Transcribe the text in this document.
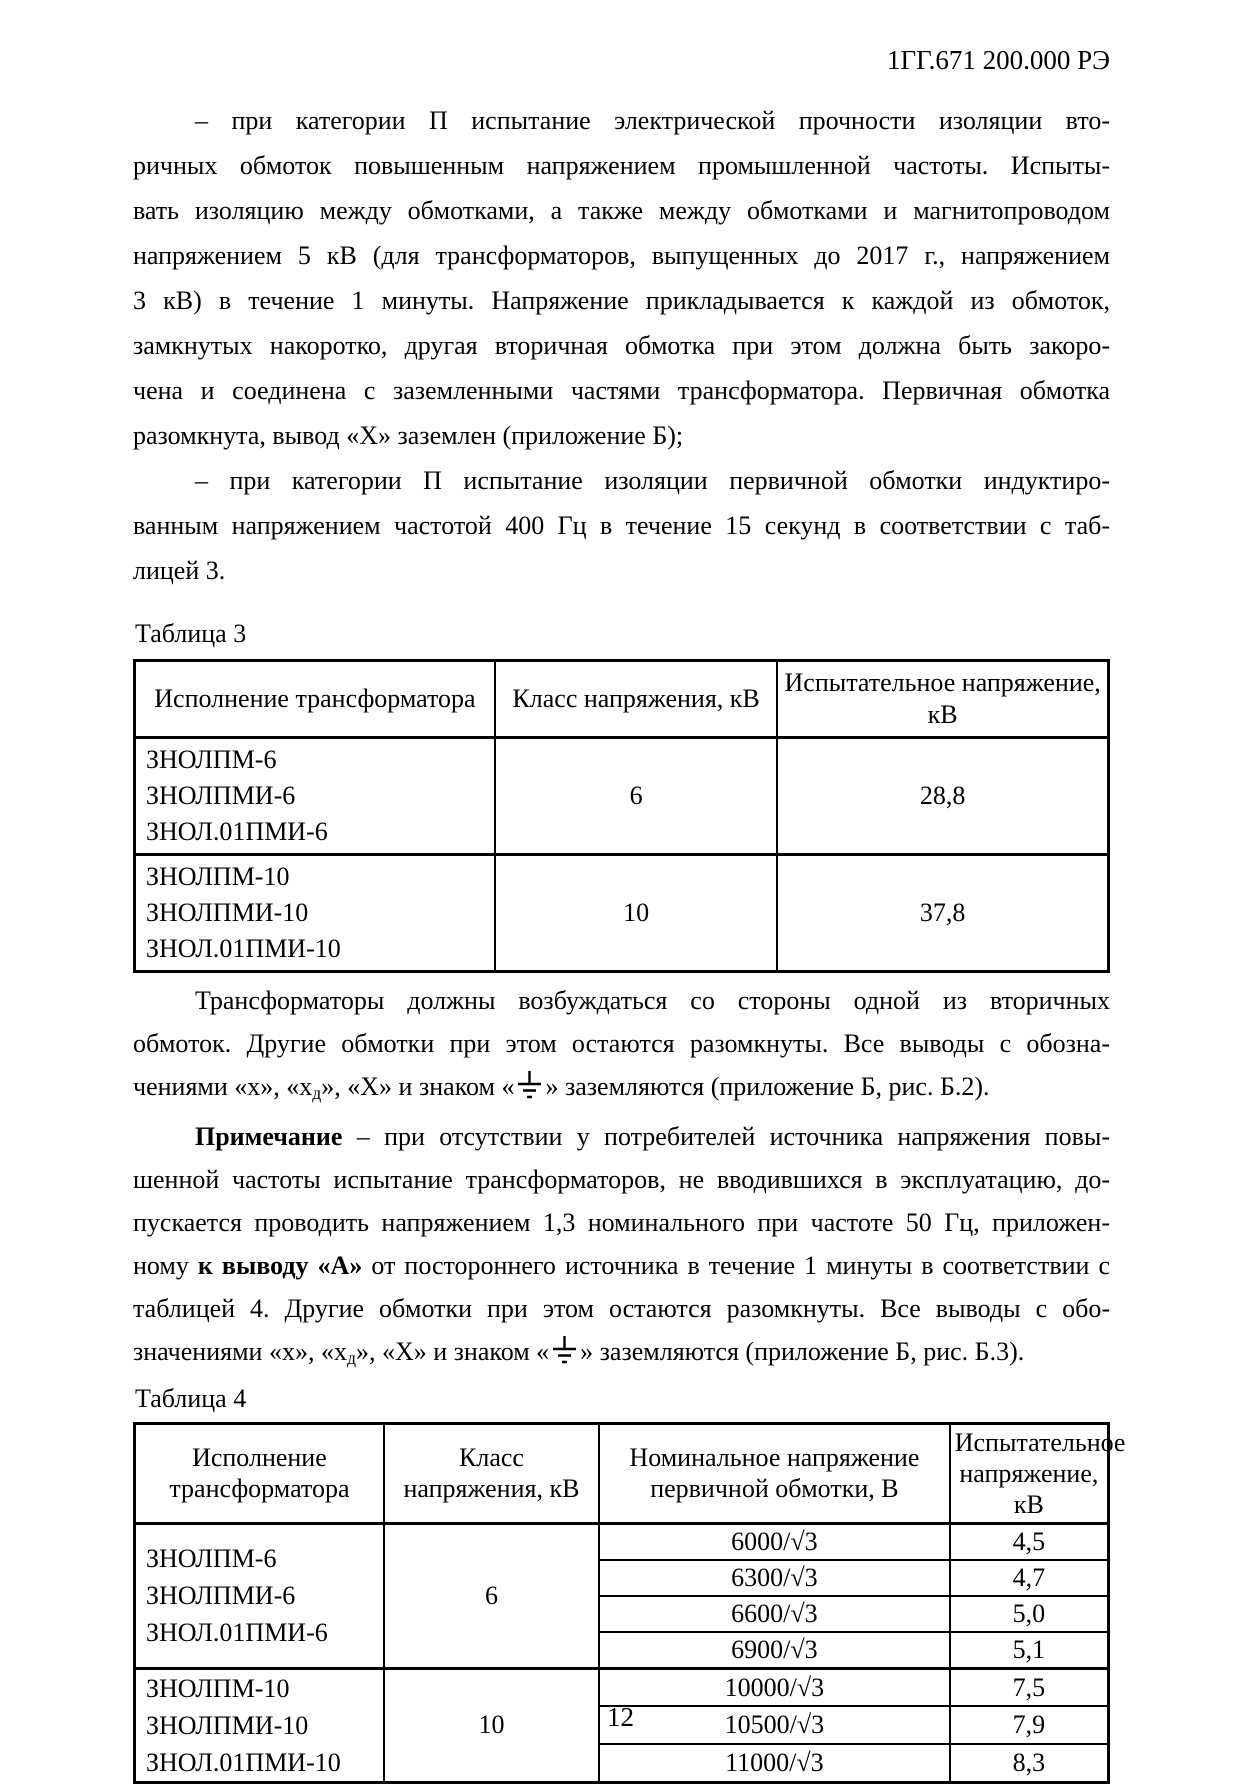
1ГГ.671 200.000 РЭ
– при категории П испытание электрической прочности изоляции вто-
ричных обмоток повышенным напряжением промышленной частоты. Испыты-
вать изоляцию между обмотками, а также между обмотками и магнитопроводом
напряжением 5 кВ (для трансформаторов, выпущенных до 2017 г., напряжением
3 кВ) в течение 1 минуты. Напряжение прикладывается к каждой из обмоток,
замкнутых накоротко, другая вторичная обмотка при этом должна быть закоро-
чена и соединена с заземленными частями трансформатора. Первичная обмотка
разомкнута, вывод «Х» заземлен (приложение Б);
– при категории П испытание изоляции первичной обмотки индуктиро-
ванным напряжением частотой 400 Гц в течение 15 секунд в соответствии с таб-
лицей 3.
Таблица 3
Исполнение трансформатора	Класс напряжения, кВ	Испытательное напряжение, кВ

ЗНОЛПМ-6
ЗНОЛПМИ-6
ЗНОЛ.01ПМИ-6	6	28,8

ЗНОЛПМ-10
ЗНОЛПМИ-10
ЗНОЛ.01ПМИ-10	10	37,8
Трансформаторы должны возбуждаться со стороны одной из вторичных
обмоток. Другие обмотки при этом остаются разомкнуты. Все выводы с обозна-
чениями «х», «$х_д$», «Х» и знаком « » заземляются (приложение Б, рис. Б.2).
Примечание – при отсутствии у потребителей источника напряжения повы-
шенной частоты испытание трансформаторов, не вводившихся в эксплуатацию, до-
пускается проводить напряжением 1,3 номинального при частоте 50 Гц, приложен-
ному к выводу «А» от постороннего источника в течение 1 минуты в соответствии с
таблицей 4. Другие обмотки при этом остаются разомкнуты. Все выводы с обо-
значениями «х», «$х_д$», «Х» и знаком « » заземляются (приложение Б, рис. Б.3).
Таблица 4
Исполнение
трансформатора	Класс
напряжения, кВ	Номинальное напряжение
первичной обмотки, В	Испытательное
напряжение, кВ

ЗНОЛПМ-6
ЗНОЛПМИ-6
ЗНОЛ.01ПМИ-6	6	6000/√3	4,5
		6300/√3	4,7
		6600/√3	5,0
		6900/√3	5,1

ЗНОЛПМ-10
ЗНОЛПМИ-10
ЗНОЛ.01ПМИ-10	10	10000/√3	7,5
		10500/√3	7,9
		11000/√3	8,3
12
